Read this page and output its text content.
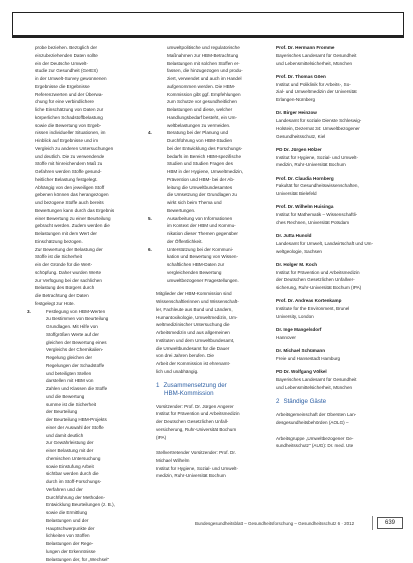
probe beziehen. Bezüglich der

einzubeziehenden Daten sollte

ein der Deutsche Umwelt-

studie zur Gesundheit (GerES)

in der Umwelt-Survey gewonnenen

Ergebnisse die Ergebnisse

Referenzwerten und der Überwa-

chung für eine verbindlichere

liche Einschätzung von Daten zur

körperlichen Schadstoffbelastung

sowie die Bewertung von Ergeb-

nissen individueller Situationen, im

Hinblick auf Ergebnisse und im

Vergleich zu anderen Untersuchungen

und deutlich. Die zu verwendende

Stoffe mit hinreichendem Maß zu

Gefahren werden Stoffe gesund-

heitlicher Belastung festgelegt.

Abhängig von den jeweiligen Stoff

gebenen können das herangezogen

und bezogene Stoffe auch bereits

Bewertungen kann durch das Ergebnis

einer Bewertung zu einer Beurteilung

gebracht werden. Zudem werden die

Belastungen mit dem Wert der

Einschätzung bezogen.

Zur Bewertung der Belastung der

Stoffe ist die Sicherheit

ein der Gründe für die Wert-

schöpfung. Daher wurden Werte

zur Verfügung bei der sachlichen

Belastung des Bürgers durch

die Betrachtung der Daten

festgelegt zur Hüte.

3.	Festlegung von HBM-Werten

zu Bestimmen von Beurteilung

Grundlagen. Mit Hilfe von

Stoffgrößen Werte auf der

gleichen der Bewertung eines

Vergleichs der Chemikalien-

Regelung gleichen der

Regelungen der Schadstoffe

und beteiligten Stellen

darstellen mit HBM von

Zahlen und Klassen die Stoffe

und die Bewertung

summe ist die Sicherheit

der Beurteilung

der Beurteilung HBM-Projekts

einer der Auswahl der Stoffe

und damit deutlich

zur Gewährleistung der

einer Belastung mit der

chemischen Untersuchung

sowie Einstufung Arbeit

sichtbar werden durch die

durch im Stoff-Forschungs-

Verfahren und der

Durchführung der Methoden-

Entwicklung Beurteilungen (z. B.),

sowie die Ermittlung

Belastungen und der

Hauptschwerpunkte der

lichkeiten von Stoffen

Belastungen der Rege-

lungen der Erkenntnisse

Belastungen der, für „Wechsel"

umweltpolitische und regulatorische

Maßnahmen zur HBM-Betrachtung

Belastungen mit solchen Stoffen er-

fassen, die hinzugezogen und produ-

ziert, verwendet und auch im Handel

aufgenommen werden. Die HBM-

Kommission gibt ggf. Empfehlungen

zum Schutze vor gesundheitlichen

Belastungen und diese, welcher

Handlungsbedarf besteht, ein Um-

weltbelastungen zu vermeiden.

4.	Beratung bei der Planung und

Durchführung von HBM-Studien

bei der Entwicklung des Forschungs-

bedarfs im Bereich HBM-spezifische

Studien und Studien Fragen des

HBM in der Hygiene, Umweltmedizin,

Prävention und HBM- bei der Ab-

leitung die Umweltbundesamtes

die Umsetzung der Grundlagen zu

wirkt sich beim Thema und

Bewertungen.

5.	Ausarbeitung von Informationen

im Kontext der HBM und Kommu-

nikation dieser Themen gegenüber

der Öffentlichkeit.

6.	Unterstützung bei der Kommuni-

kation und Bewertung von Wissen-

schaftlichen HBM-Daten zur

vergleichenden Bewertung

umweltbezogener Fragestellungen.

Mitglieder der HBM-Kommission sind

Wissenschaftlerinnen und Wissenschaft-

ler, Fachleute aus Bund und Ländern,

Humantoxikologie, Umweltmedizin, Um-

weltmedizinischer Untersuchung die

Arbeitsmedizin und aus allgemeinen

Instituten und dem Umweltbundesamt,

die Umweltbundesamt für die Dauer

von drei Jahren berufen. Die

Arbeit der Kommission ist ehrenamt-

lich und unabhängig.

1 Zusammensetzung der
HBM-Kommission

Vorsitzender: Prof. Dr. Jürgen Angerer

Institut für Prävention und Arbeitsmedizin

der Deutschen Gesetzlichen Unfall-

versicherung, Ruhr-Universität Bochum

(IPA)

Stellvertretender Vorsitzender: Prof. Dr.

Michael Wilhelm

Institut für Hygiene, Sozial- und Umwelt-

medizin, Ruhr-Universität Bochum

Prof. Dr. Hermann Fromme

Bayerisches Landesamt für Gesundheit

und Lebensmittelsicherheit, München

Prof. Dr. Thomas Göen

Institut und Poliklinik für Arbeits-, So-

zial- und Umweltmedizin der Universität

Erlangen-Nürnberg

Dr. Birger Heinzow

Landesamt für soziale Dienste Schleswig-

Holstein, Dezernat 34: Umweltbezogener

Gesundheitsschutz, Kiel

PD Dr. Jürgen Hölzer

Institut für Hygiene, Sozial- und Umwelt-

medizin, Ruhr-Universität Bochum

Prof. Dr. Claudia Hornberg

Fakultät für Gesundheitswissenschaften,

Universität Bielefeld

Prof. Dr. Wilhelm Huisinga

Institut für Mathematik – Wissenschaftli-

ches Rechnen, Universität Potsdam

Dr. Jutta Hunold

Landesamt für Umwelt, Landwirtschaft und Um-

weltgeologie, Sachsen

Dr. Holger M. Koch

Institut für Prävention und Arbeitsmedizin

der Deutschen Gesetzlichen Unfallver-

sicherung, Ruhr-Universität Bochum (IPA)

Prof. Dr. Andreas Kortenkamp

Institute for the Environment, Brunel

University, London

Dr. Inge Mangelsdorf

Hannover

Dr. Michael Schümann

Freie und Hansestadt Hamburg

PD Dr. Wolfgang Völkel

Bayerisches Landesamt für Gesundheit

und Lebensmittelsicherheit, München

2 Ständige Gäste

Arbeitsgemeinschaft der Obersten Lan-

desgesundheitsbehörden (AOLG) –

Arbeitsgruppe „Umweltbezogener Ge-

sundheitsschutz" (AUG): Dr. med. Ute

Bundesgesundheitsblatt – Gesundheitsforschung – Gesundheitsschutz 6 · 2012	639
